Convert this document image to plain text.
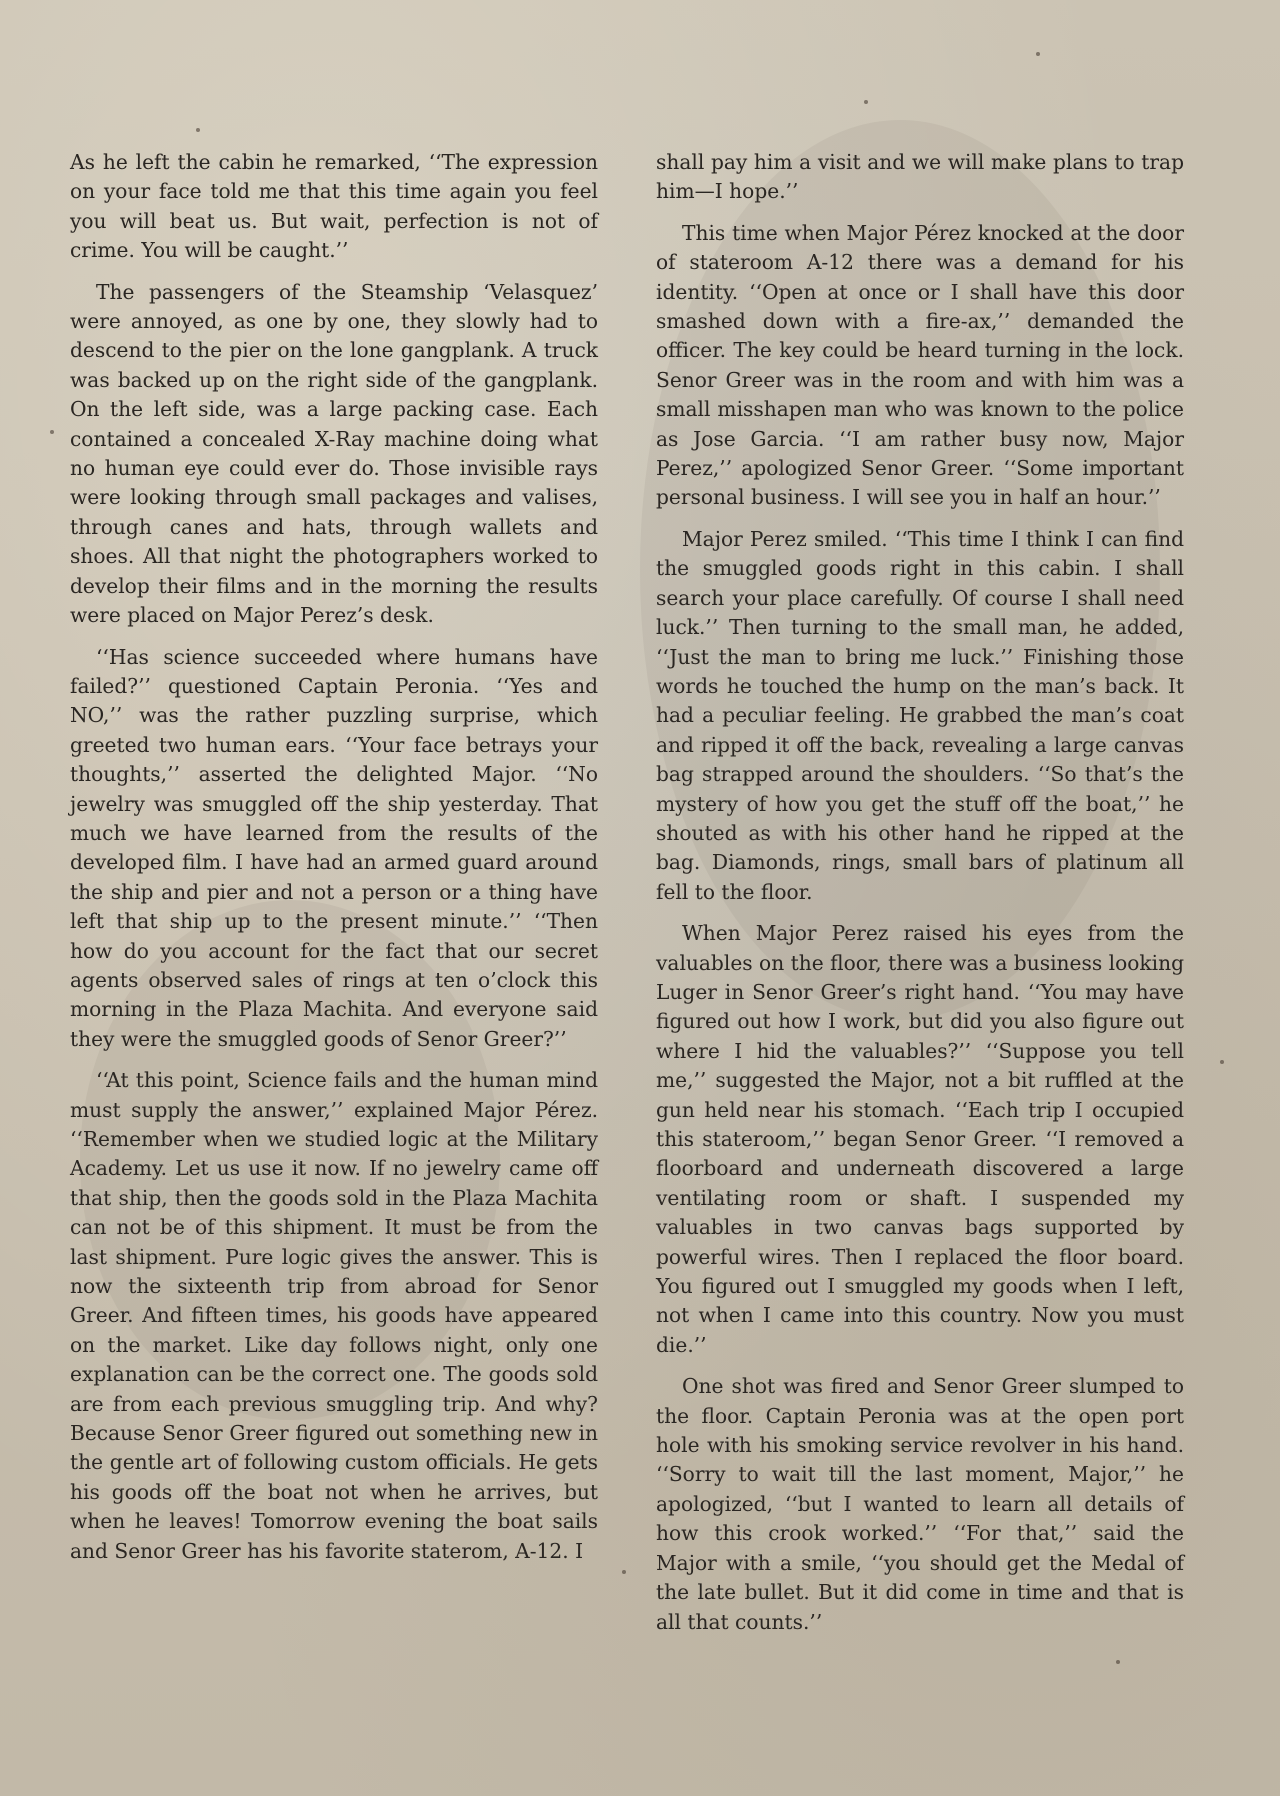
As he left the cabin he remarked, ‘‘The expression on your face told me that this time again you feel you will beat us. But wait, perfection is not of crime. You will be caught.’’

The passengers of the Steamship ‘Velasquez’ were annoyed, as one by one, they slowly had to descend to the pier on the lone gangplank. A truck was backed up on the right side of the gangplank. On the left side, was a large packing case. Each contained a concealed X-Ray machine doing what no human eye could ever do. Those invisible rays were looking through small packages and valises, through canes and hats, through wallets and shoes. All that night the photographers worked to develop their films and in the morning the results were placed on Major Perez’s desk.

‘‘Has science succeeded where humans have failed?’’ questioned Captain Peronia. ‘‘Yes and NO,’’ was the rather puzzling surprise, which greeted two human ears. ‘‘Your face betrays your thoughts,’’ asserted the delighted Major. ‘‘No jewelry was smuggled off the ship yesterday. That much we have learned from the results of the developed film. I have had an armed guard around the ship and pier and not a person or a thing have left that ship up to the present minute.’’ ‘‘Then how do you account for the fact that our secret agents observed sales of rings at ten o’clock this morning in the Plaza Machita. And everyone said they were the smuggled goods of Senor Greer?’’

‘‘At this point, Science fails and the human mind must supply the answer,’’ explained Major Pérez. ‘‘Remember when we studied logic at the Military Academy. Let us use it now. If no jewelry came off that ship, then the goods sold in the Plaza Machita can not be of this shipment. It must be from the last shipment. Pure logic gives the answer. This is now the sixteenth trip from abroad for Senor Greer. And fifteen times, his goods have appeared on the market. Like day follows night, only one explanation can be the correct one. The goods sold are from each previous smuggling trip. And why? Because Senor Greer figured out something new in the gentle art of following custom officials. He gets his goods off the boat not when he arrives, but when he leaves! Tomorrow evening the boat sails and Senor Greer has his favorite staterom, A-12. I

shall pay him a visit and we will make plans to trap him—I hope.’’

This time when Major Pérez knocked at the door of stateroom A-12 there was a demand for his identity. ‘‘Open at once or I shall have this door smashed down with a fire-ax,’’ demanded the officer. The key could be heard turning in the lock. Senor Greer was in the room and with him was a small misshapen man who was known to the police as Jose Garcia. ‘‘I am rather busy now, Major Perez,’’ apologized Senor Greer. ‘‘Some important personal business. I will see you in half an hour.’’

Major Perez smiled. ‘‘This time I think I can find the smuggled goods right in this cabin. I shall search your place carefully. Of course I shall need luck.’’ Then turning to the small man, he added, ‘‘Just the man to bring me luck.’’ Finishing those words he touched the hump on the man’s back. It had a peculiar feeling. He grabbed the man’s coat and ripped it off the back, revealing a large canvas bag strapped around the shoulders. ‘‘So that’s the mystery of how you get the stuff off the boat,’’ he shouted as with his other hand he ripped at the bag. Diamonds, rings, small bars of platinum all fell to the floor.

When Major Perez raised his eyes from the valuables on the floor, there was a business looking Luger in Senor Greer’s right hand. ‘‘You may have figured out how I work, but did you also figure out where I hid the valuables?’’ ‘‘Suppose you tell me,’’ suggested the Major, not a bit ruffled at the gun held near his stomach. ‘‘Each trip I occupied this stateroom,’’ began Senor Greer. ‘‘I removed a floorboard and underneath discovered a large ventilating room or shaft. I suspended my valuables in two canvas bags supported by powerful wires. Then I replaced the floor board. You figured out I smuggled my goods when I left, not when I came into this country. Now you must die.’’

One shot was fired and Senor Greer slumped to the floor. Captain Peronia was at the open port hole with his smoking service revolver in his hand. ‘‘Sorry to wait till the last moment, Major,’’ he apologized, ‘‘but I wanted to learn all details of how this crook worked.’’ ‘‘For that,’’ said the Major with a smile, ‘‘you should get the Medal of the late bullet. But it did come in time and that is all that counts.’’
